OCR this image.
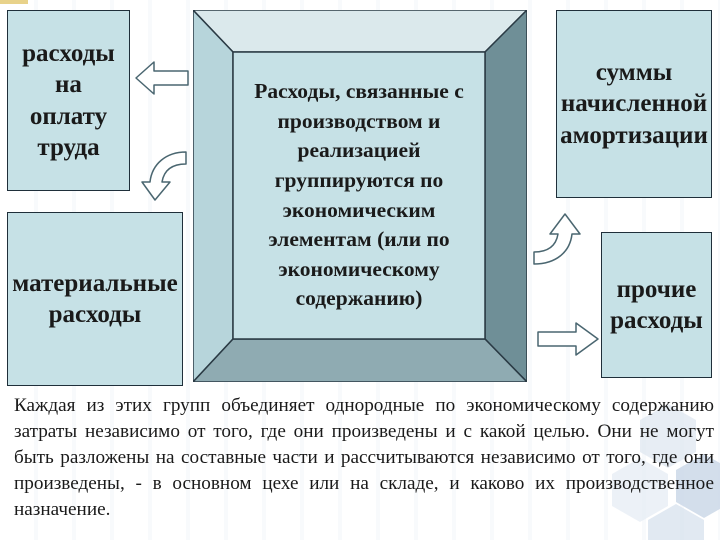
расходы
на
оплату
труда
материальные
расходы
суммы
начисленной
амортизации
прочие
расходы
Расходы, связанные с производством и реализацией группируются по экономическим элементам (или по экономическому содержанию)
Каждая из этих групп объединяет однородные по экономическому содержанию затраты независимо от того, где они произведены и с какой целью. Они не могут быть разложены на составные части и рассчитываются независимо от того, где они произведены, - в основном цехе или на складе, и каково их производственное назначение.
